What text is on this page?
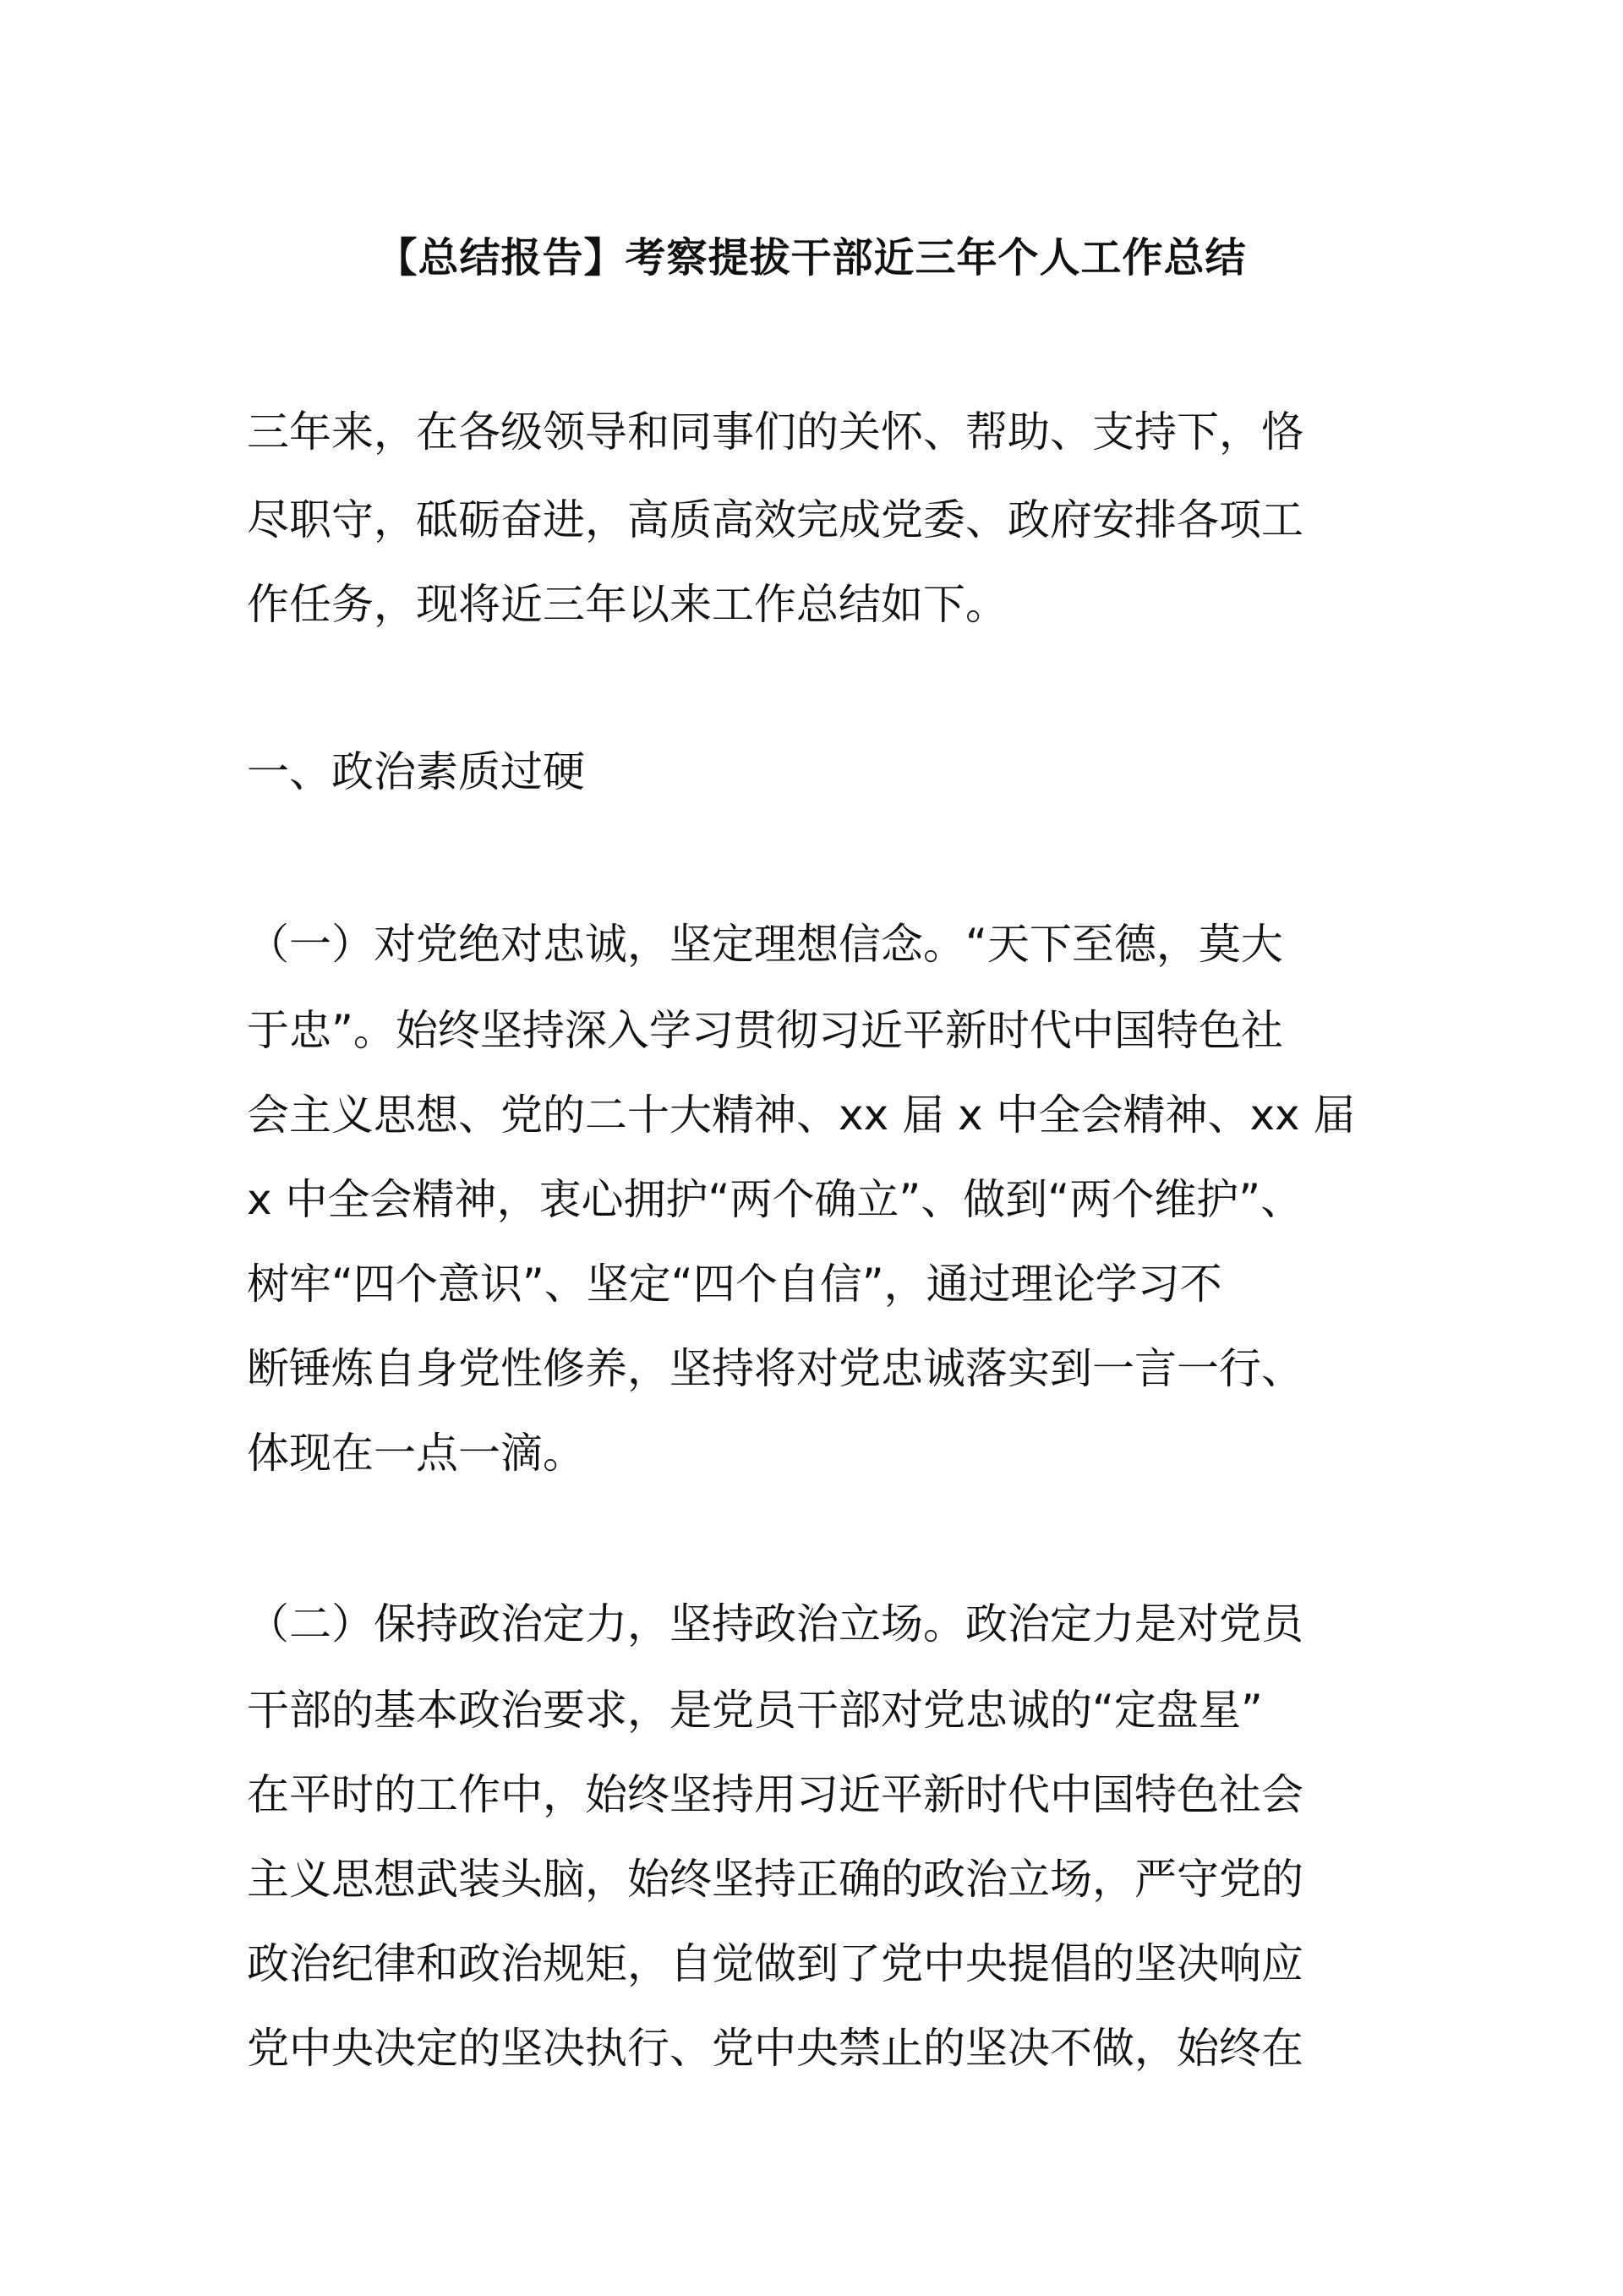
【总结报告】考察提拔干部近三年个人工作总结
三年来，在各级领导和同事们的关怀、帮助、支持下，恪
尽职守，砥砺奋进，高质高效完成党委、政府安排各项工
作任务，现将近三年以来工作总结如下。
一、政治素质过硬
（一）对党绝对忠诚，坚定理想信念。“天下至德，莫大
于忠”。始终坚持深入学习贯彻习近平新时代中国特色社
会主义思想、党的二十大精神、xx 届 x 中全会精神、xx 届
x 中全会精神，衷心拥护“两个确立”、做到“两个维护”、
树牢“四个意识”、坚定“四个自信”，通过理论学习不
断锤炼自身党性修养，坚持将对党忠诚落实到一言一行、
体现在一点一滴。
（二）保持政治定力，坚持政治立场。政治定力是对党员
干部的基本政治要求，是党员干部对党忠诚的“定盘星”
在平时的工作中，始终坚持用习近平新时代中国特色社会
主义思想武装头脑，始终坚持正确的政治立场，严守党的
政治纪律和政治规矩，自觉做到了党中央提倡的坚决响应
党中央决定的坚决执行、党中央禁止的坚决不做，始终在
